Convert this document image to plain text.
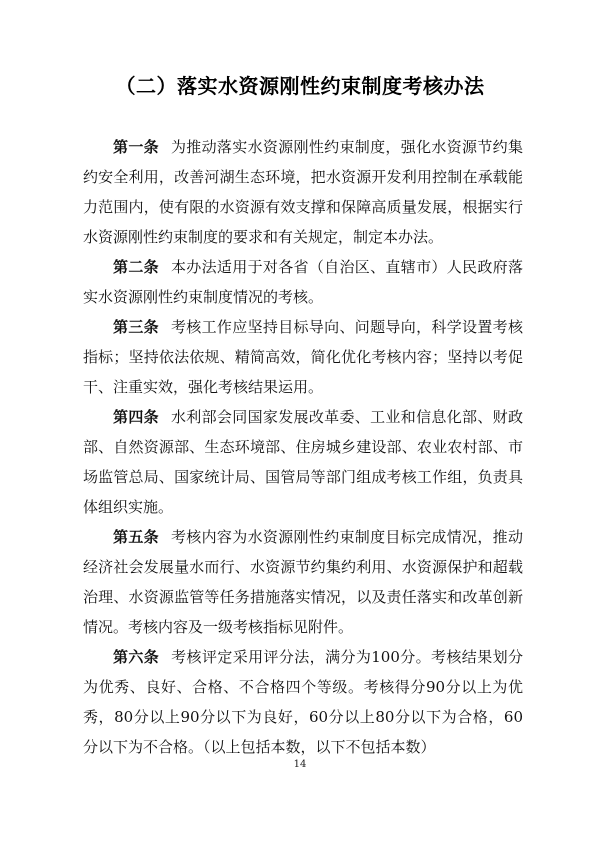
（二）落实水资源刚性约束制度考核办法

第一条 为推动落实水资源刚性约束制度，强化水资源节约集约安全利用，改善河湖生态环境，把水资源开发利用控制在承载能力范围内，使有限的水资源有效支撑和保障高质量发展，根据实行水资源刚性约束制度的要求和有关规定，制定本办法。

第二条 本办法适用于对各省（自治区、直辖市）人民政府落实水资源刚性约束制度情况的考核。

第三条 考核工作应坚持目标导向、问题导向，科学设置考核指标；坚持依法依规、精简高效，简化优化考核内容；坚持以考促干、注重实效，强化考核结果运用。

第四条 水利部会同国家发展改革委、工业和信息化部、财政部、自然资源部、生态环境部、住房城乡建设部、农业农村部、市场监管总局、国家统计局、国管局等部门组成考核工作组，负责具体组织实施。

第五条 考核内容为水资源刚性约束制度目标完成情况，推动经济社会发展量水而行、水资源节约集约利用、水资源保护和超载治理、水资源监管等任务措施落实情况，以及责任落实和改革创新情况。考核内容及一级考核指标见附件。

第六条 考核评定采用评分法，满分为100分。考核结果划分为优秀、良好、合格、不合格四个等级。考核得分90分以上为优秀，80分以上90分以下为良好，60分以上80分以下为合格，60分以下为不合格。（以上包括本数，以下不包括本数）

14
